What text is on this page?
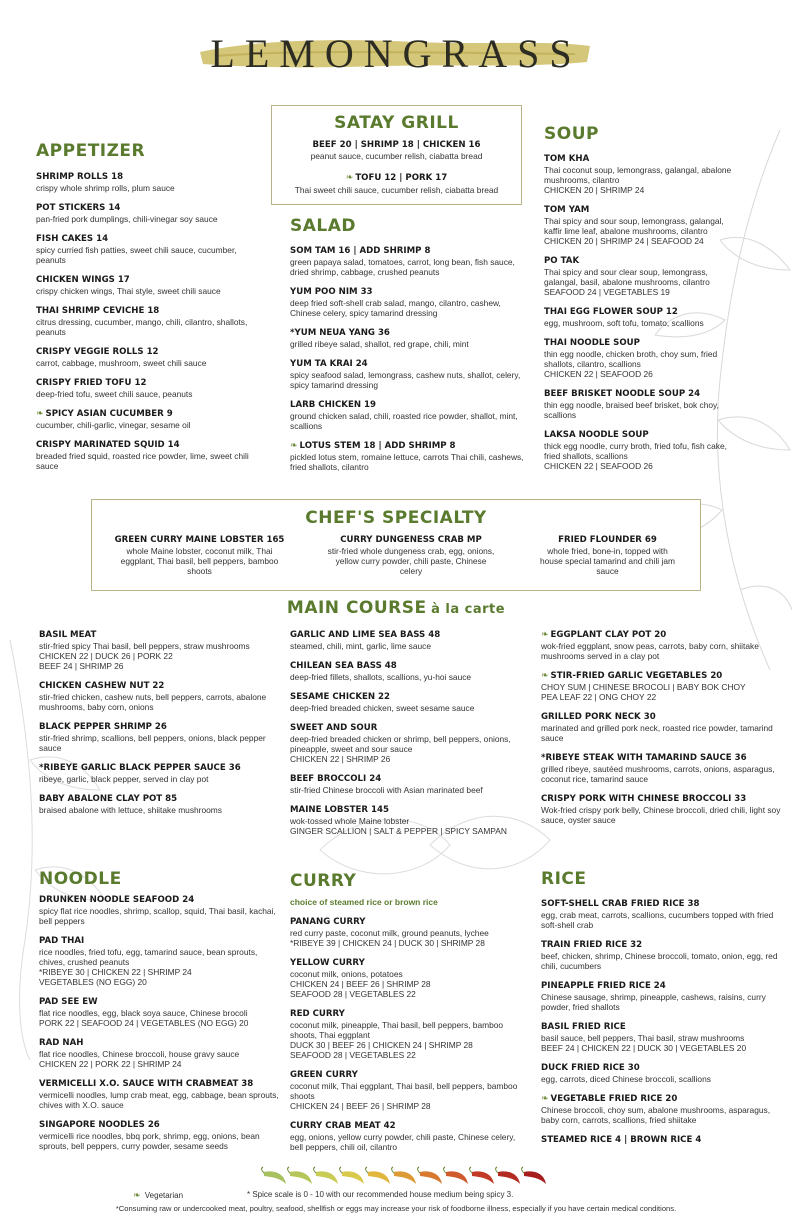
LEMONGRASS
APPETIZER
SHRIMP ROLLS 18
crispy whole shrimp rolls, plum sauce
POT STICKERS 14
pan-fried pork dumplings, chili-vinegar soy sauce
FISH CAKES 14
spicy curried fish patties, sweet chili sauce, cucumber, peanuts
CHICKEN WINGS 17
crispy chicken wings, Thai style, sweet chili sauce
THAI SHRIMP CEVICHE 18
citrus dressing, cucumber, mango, chili, cilantro, shallots, peanuts
CRISPY VEGGIE ROLLS 12
carrot, cabbage, mushroom, sweet chili sauce
CRISPY FRIED TOFU 12
deep-fried tofu, sweet chili sauce, peanuts
❧ SPICY ASIAN CUCUMBER 9
cucumber, chili-garlic, vinegar, sesame oil
CRISPY MARINATED SQUID 14
breaded fried squid, roasted rice powder, lime, sweet chili sauce
SATAY GRILL
BEEF 20 | SHRIMP 18 | CHICKEN 16
peanut sauce, cucumber relish, ciabatta bread
❧ TOFU 12 | PORK 17
Thai sweet chili sauce, cucumber relish, ciabatta bread
SALAD
SOM TAM 16 | ADD SHRIMP 8
green papaya salad, tomatoes, carrot, long bean, fish sauce, dried shrimp, cabbage, crushed peanuts
YUM POO NIM 33
deep fried soft-shell crab salad, mango, cilantro, cashew, Chinese celery, spicy tamarind dressing
*YUM NEUA YANG 36
grilled ribeye salad, shallot, red grape, chili, mint
YUM TA KRAI 24
spicy seafood salad, lemongrass, cashew nuts, shallot, celery, spicy tamarind dressing
LARB CHICKEN 19
ground chicken salad, chili, roasted rice powder, shallot, mint, scallions
❧ LOTUS STEM 18 | ADD SHRIMP 8
pickled lotus stem, romaine lettuce, carrots Thai chili, cashews, fried shallots, cilantro
SOUP
TOM KHA
Thai coconut soup, lemongrass, galangal, abalone mushrooms, cilantro
CHICKEN 20 | SHRIMP 24
TOM YAM
Thai spicy and sour soup, lemongrass, galangal, kaffir lime leaf, abalone mushrooms, cilantro
CHICKEN 20 | SHRIMP 24 | SEAFOOD 24
PO TAK
Thai spicy and sour clear soup, lemongrass, galangal, basil, abalone mushrooms, cilantro
SEAFOOD 24 | VEGETABLES 19
THAI EGG FLOWER SOUP 12
egg, mushroom, soft tofu, tomato, scallions
THAI NOODLE SOUP
thin egg noodle, chicken broth, choy sum, fried shallots, cilantro, scallions
CHICKEN 22 | SEAFOOD 26
BEEF BRISKET NOODLE SOUP 24
thin egg noodle, braised beef brisket, bok choy, scallions
LAKSA NOODLE SOUP
thick egg noodle, curry broth, fried tofu, fish cake, fried shallots, scallions
CHICKEN 22 | SEAFOOD 26
CHEF'S SPECIALTY
GREEN CURRY MAINE LOBSTER 165
whole Maine lobster, coconut milk, Thai eggplant, Thai basil, bell peppers, bamboo shoots
CURRY DUNGENESS CRAB MP
stir-fried whole dungeness crab, egg, onions, yellow curry powder, chili paste, Chinese celery
FRIED FLOUNDER 69
whole fried, bone-in, topped with house special tamarind and chili jam sauce
MAIN COURSE à la carte
BASIL MEAT
stir-fried spicy Thai basil, bell peppers, straw mushrooms
CHICKEN 22 | DUCK 26 | PORK 22
BEEF 24 | SHRIMP 26
CHICKEN CASHEW NUT 22
stir-fried chicken, cashew nuts, bell peppers, carrots, abalone mushrooms, baby corn, onions
BLACK PEPPER SHRIMP 26
stir-fried shrimp, scallions, bell peppers, onions, black pepper sauce
*RIBEYE GARLIC BLACK PEPPER SAUCE 36
ribeye, garlic, black pepper, served in clay pot
BABY ABALONE CLAY POT 85
braised abalone with lettuce, shiitake mushrooms
GARLIC AND LIME SEA BASS 48
steamed, chili, mint, garlic, lime sauce
CHILEAN SEA BASS 48
deep-fried fillets, shallots, scallions, yu-hoi sauce
SESAME CHICKEN 22
deep-fried breaded chicken, sweet sesame sauce
SWEET AND SOUR
deep-fried breaded chicken or shrimp, bell peppers, onions, pineapple, sweet and sour sauce
CHICKEN 22 | SHRIMP 26
BEEF BROCCOLI 24
stir-fried Chinese broccoli with Asian marinated beef
MAINE LOBSTER 145
wok-tossed whole Maine lobster
GINGER SCALLION | SALT & PEPPER | SPICY SAMPAN
❧ EGGPLANT CLAY POT 20
wok-fried eggplant, snow peas, carrots, baby corn, shiitake mushrooms served in a clay pot
❧ STIR-FRIED GARLIC VEGETABLES 20
CHOY SUM | CHINESE BROCOLI | BABY BOK CHOY
PEA LEAF 22 | ONG CHOY 22
GRILLED PORK NECK 30
marinated and grilled pork neck, roasted rice powder, tamarind sauce
*RIBEYE STEAK WITH TAMARIND SAUCE 36
grilled ribeye, sautéed mushrooms, carrots, onions, asparagus, coconut rice, tamarind sauce
CRISPY PORK WITH CHINESE BROCCOLI 33
Wok-fried crispy pork belly, Chinese broccoli, dried chili, light soy sauce, oyster sauce
NOODLE
DRUNKEN NOODLE SEAFOOD 24
spicy flat rice noodles, shrimp, scallop, squid, Thai basil, kachai, bell peppers
PAD THAI
rice noodles, fried tofu, egg, tamarind sauce, bean sprouts, chives, crushed peanuts
*RIBEYE 30 | CHICKEN 22 | SHRIMP 24
VEGETABLES (NO EGG) 20
PAD SEE EW
flat rice noodles, egg, black soya sauce, Chinese brocoli
PORK 22 | SEAFOOD 24 | VEGETABLES (NO EGG) 20
RAD NAH
flat rice noodles, Chinese broccoli, house gravy sauce
CHICKEN 22 | PORK 22 | SHRIMP 24
VERMICELLI X.O. SAUCE WITH CRABMEAT 38
vermicelli noodles, lump crab meat, egg, cabbage, bean sprouts, chives with X.O. sauce
SINGAPORE NOODLES 26
vermicelli rice noodles, bbq pork, shrimp, egg, onions, bean sprouts, bell peppers, curry powder, sesame seeds
CURRY
choice of steamed rice or brown rice
PANANG CURRY
red curry paste, coconut milk, ground peanuts, lychee
*RIBEYE 39 | CHICKEN 24 | DUCK 30 | SHRIMP 28
YELLOW CURRY
coconut milk, onions, potatoes
CHICKEN 24 | BEEF 26 | SHRIMP 28
SEAFOOD 28 | VEGETABLES 22
RED CURRY
coconut milk, pineapple, Thai basil, bell peppers, bamboo shoots, Thai eggplant
DUCK 30 | BEEF 26 | CHICKEN 24 | SHRIMP 28
SEAFOOD 28 | VEGETABLES 22
GREEN CURRY
coconut milk, Thai eggplant, Thai basil, bell peppers, bamboo shoots
CHICKEN 24 | BEEF 26 | SHRIMP 28
CURRY CRAB MEAT 42
egg, onions, yellow curry powder, chili paste, Chinese celery, bell peppers, chili oil, cilantro
RICE
SOFT-SHELL CRAB FRIED RICE 38
egg, crab meat, carrots, scallions, cucumbers topped with fried soft-shell crab
TRAIN FRIED RICE 32
beef, chicken, shrimp, Chinese broccoli, tomato, onion, egg, red chili, cucumbers
PINEAPPLE FRIED RICE 24
Chinese sausage, shrimp, pineapple, cashews, raisins, curry powder, fried shallots
BASIL FRIED RICE
basil sauce, bell peppers, Thai basil, straw mushrooms
BEEF 24 | CHICKEN 22 | DUCK 30 | VEGETABLES 20
DUCK FRIED RICE 30
egg, carrots, diced Chinese broccoli, scallions
❧ VEGETABLE FRIED RICE 20
Chinese broccoli, choy sum, abalone mushrooms, asparagus, baby corn, carrots, scallions, fried shiitake
STEAMED RICE 4 | BROWN RICE 4
❧ Vegetarian	* Spice scale is 0 - 10 with our recommended house medium being spicy 3.
*Consuming raw or undercooked meat, poultry, seafood, shellfish or eggs may increase your risk of foodborne illness, especially if you have certain medical conditions.
